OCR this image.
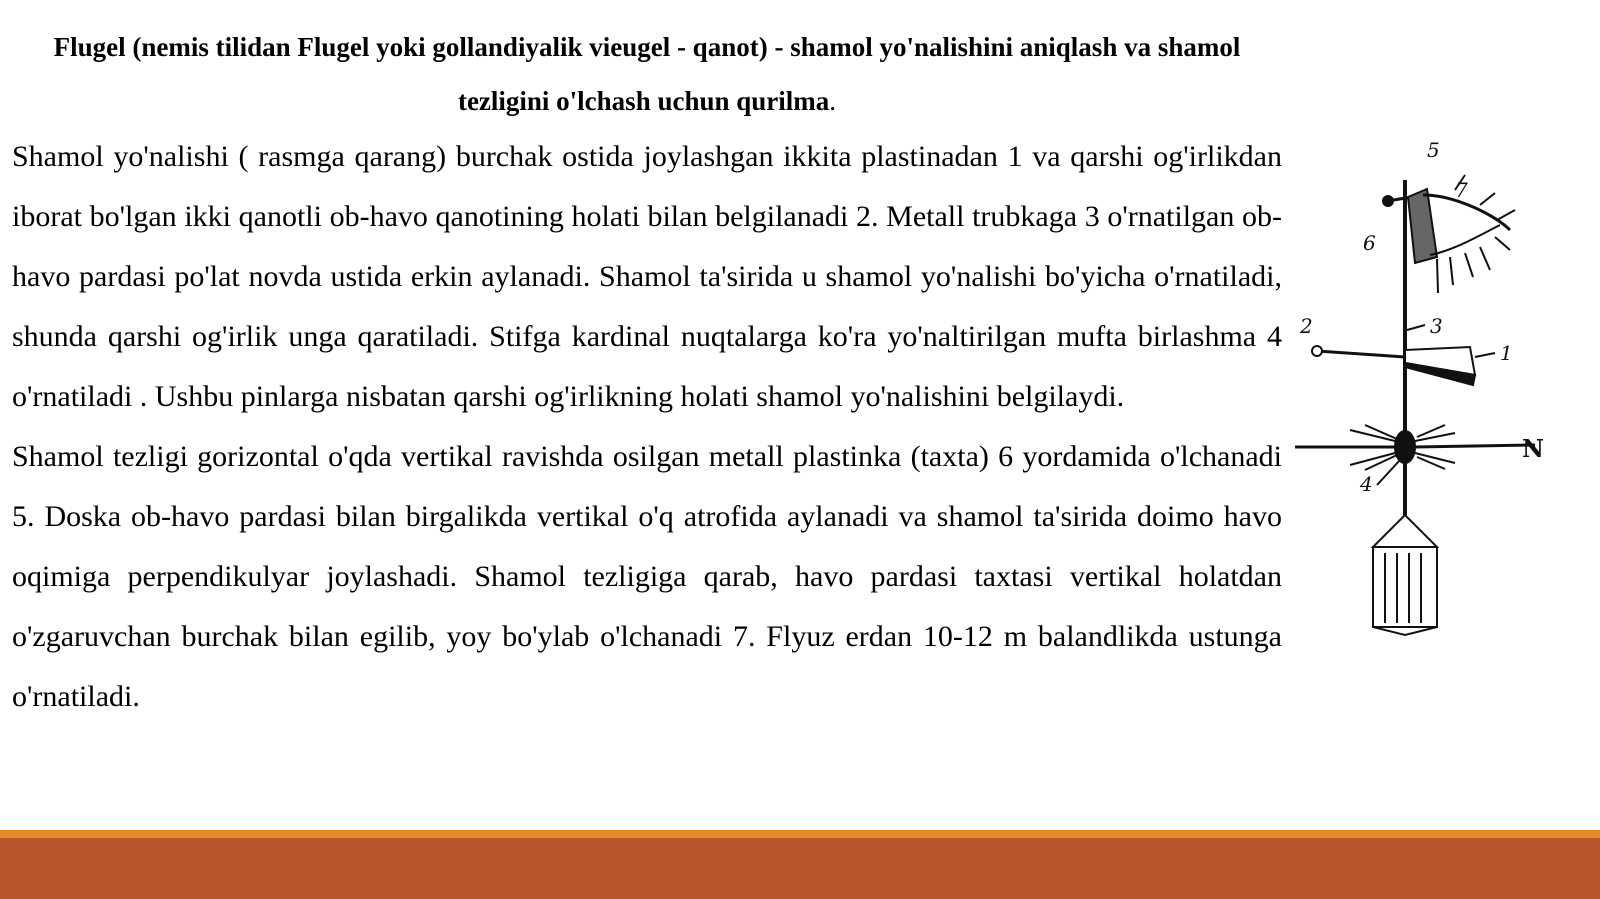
Flugel (nemis tilidan Flugel yoki gollandiyalik vieugel - qanot) - shamol yo'nalishini aniqlash va shamol tezligini o'lchash uchun qurilma.

Shamol yo'nalishi ( rasmga qarang) burchak ostida joylashgan ikkita plastinadan 1 va qarshi og'irlikdan iborat bo'lgan ikki qanotli ob-havo qanotining holati bilan belgilanadi 2. Metall trubkaga 3 o'rnatilgan ob-havo pardasi po'lat novda ustida erkin aylanadi. Shamol ta'sirida u shamol yo'nalishi bo'yicha o'rnatiladi, shunda qarshi og'irlik unga qaratiladi. Stifga kardinal nuqtalarga ko'ra yo'naltirilgan mufta birlashma 4 o'rnatiladi . Ushbu pinlarga nisbatan qarshi og'irlikning holati shamol yo'nalishini belgilaydi.

Shamol tezligi gorizontal o'qda vertikal ravishda osilgan metall plastinka (taxta) 6 yordamida o'lchanadi 5. Doska ob-havo pardasi bilan birgalikda vertikal o'q atrofida aylanadi va shamol ta'sirida doimo havo oqimiga perpendikulyar joylashadi. Shamol tezligiga qarab, havo pardasi taxtasi vertikal holatdan o'zgaruvchan burchak bilan egilib, yoy bo'ylab o'lchanadi 7. Flyuz erdan 10-12 m balandlikda ustunga o'rnatiladi.

5
7
6
2	3
1
4
N
